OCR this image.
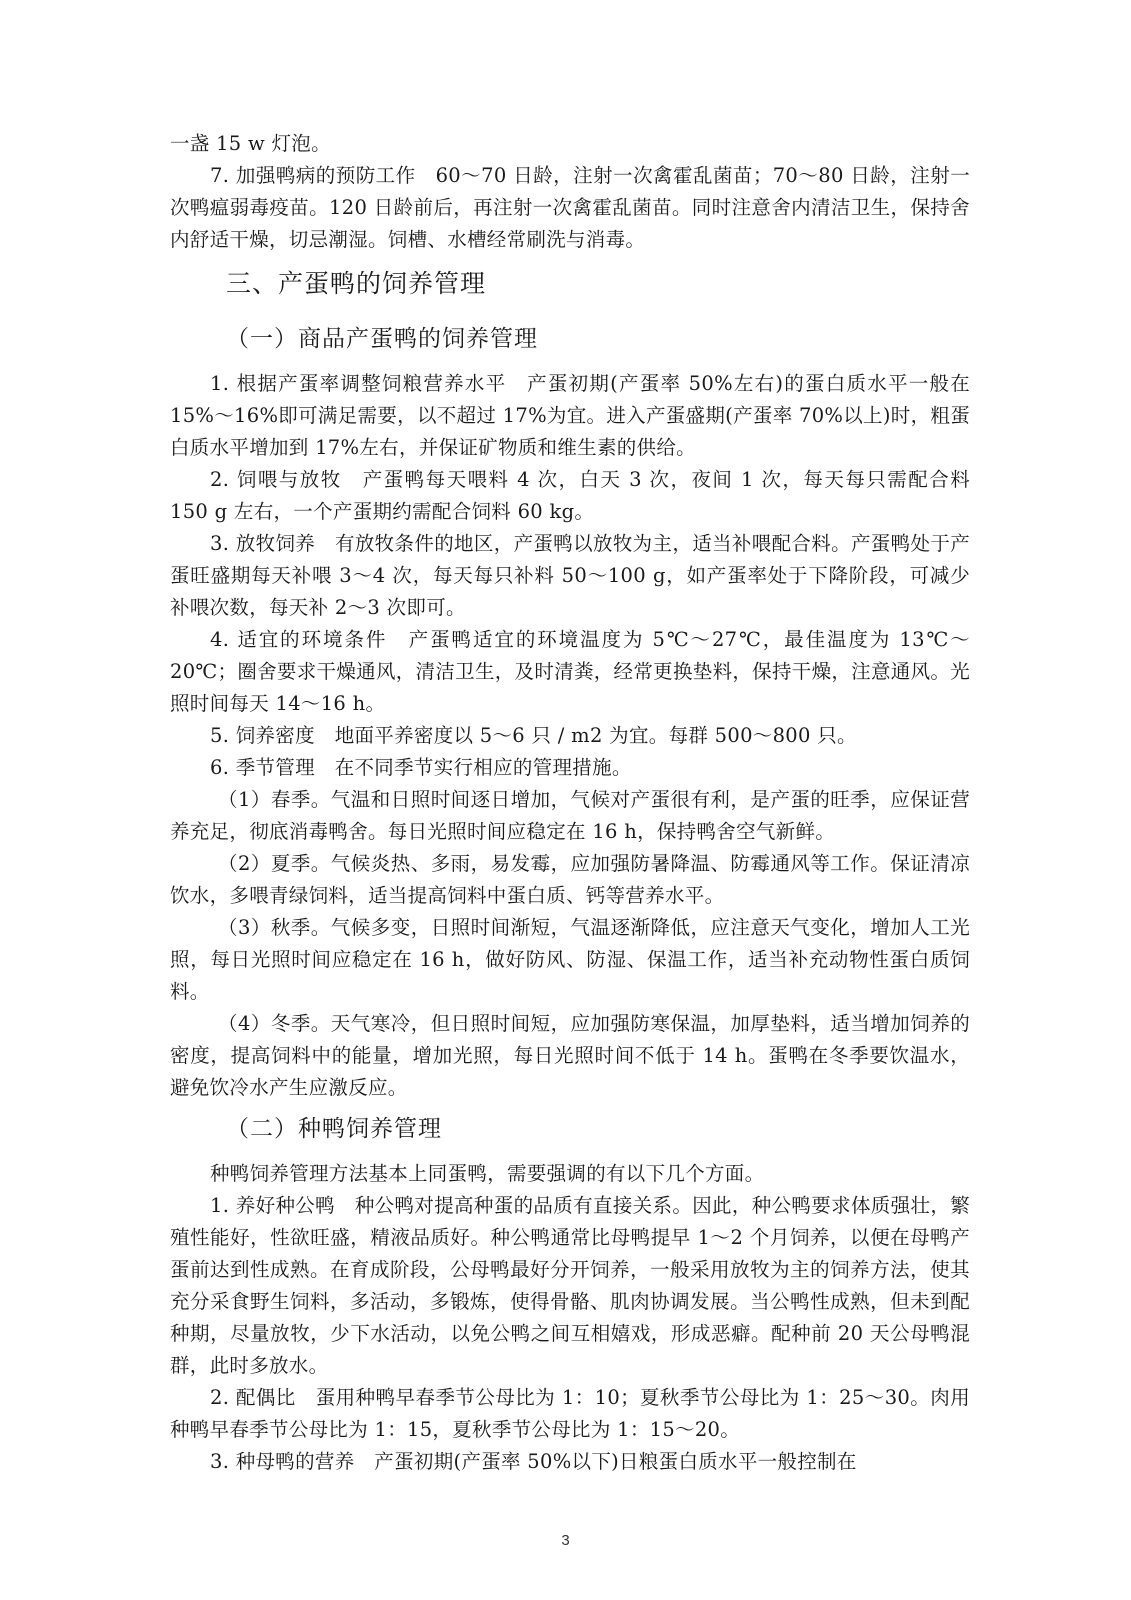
一盏 15 w 灯泡。

7. 加强鸭病的预防工作　60～70 日龄，注射一次禽霍乱菌苗；70～80 日龄，注射一次鸭瘟弱毒疫苗。120 日龄前后，再注射一次禽霍乱菌苗。同时注意舍内清洁卫生，保持舍内舒适干燥，切忌潮湿。饲槽、水槽经常刷洗与消毒。

三、产蛋鸭的饲养管理
（一）商品产蛋鸭的饲养管理

1. 根据产蛋率调整饲粮营养水平　产蛋初期(产蛋率 50%左右)的蛋白质水平一般在 15%～16%即可满足需要，以不超过 17%为宜。进入产蛋盛期(产蛋率 70%以上)时，粗蛋白质水平增加到 17%左右，并保证矿物质和维生素的供给。

2. 饲喂与放牧　产蛋鸭每天喂料 4 次，白天 3 次，夜间 1 次，每天每只需配合料 150 g 左右，一个产蛋期约需配合饲料 60 kg。

3. 放牧饲养　有放牧条件的地区，产蛋鸭以放牧为主，适当补喂配合料。产蛋鸭处于产蛋旺盛期每天补喂 3～4 次，每天每只补料 50～100 g，如产蛋率处于下降阶段，可减少补喂次数，每天补 2～3 次即可。

4. 适宜的环境条件　产蛋鸭适宜的环境温度为 5℃～27℃，最佳温度为 13℃～20℃；圈舍要求干燥通风，清洁卫生，及时清粪，经常更换垫料，保持干燥，注意通风。光照时间每天 14～16 h。

5. 饲养密度　地面平养密度以 5～6 只 / m2 为宜。每群 500～800 只。

6. 季节管理　在不同季节实行相应的管理措施。

（1）春季。气温和日照时间逐日增加，气候对产蛋很有利，是产蛋的旺季，应保证营养充足，彻底消毒鸭舍。每日光照时间应稳定在 16 h，保持鸭舍空气新鲜。

（2）夏季。气候炎热、多雨，易发霉，应加强防暑降温、防霉通风等工作。保证清凉饮水，多喂青绿饲料，适当提高饲料中蛋白质、钙等营养水平。

（3）秋季。气候多变，日照时间渐短，气温逐渐降低，应注意天气变化，增加人工光照，每日光照时间应稳定在 16 h，做好防风、防湿、保温工作，适当补充动物性蛋白质饲料。

（4）冬季。天气寒冷，但日照时间短，应加强防寒保温，加厚垫料，适当增加饲养的密度，提高饲料中的能量，增加光照，每日光照时间不低于 14 h。蛋鸭在冬季要饮温水，避免饮冷水产生应激反应。

（二）种鸭饲养管理

种鸭饲养管理方法基本上同蛋鸭，需要强调的有以下几个方面。

1. 养好种公鸭　种公鸭对提高种蛋的品质有直接关系。因此，种公鸭要求体质强壮，繁殖性能好，性欲旺盛，精液品质好。种公鸭通常比母鸭提早 1～2 个月饲养，以便在母鸭产蛋前达到性成熟。在育成阶段，公母鸭最好分开饲养，一般采用放牧为主的饲养方法，使其充分采食野生饲料，多活动，多锻炼，使得骨骼、肌肉协调发展。当公鸭性成熟，但未到配种期，尽量放牧，少下水活动，以免公鸭之间互相嬉戏，形成恶癖。配种前 20 天公母鸭混群，此时多放水。

2. 配偶比　蛋用种鸭早春季节公母比为 1：10；夏秋季节公母比为 1：25～30。肉用种鸭早春季节公母比为 1：15，夏秋季节公母比为 1：15～20。

3. 种母鸭的营养　产蛋初期(产蛋率 50%以下)日粮蛋白质水平一般控制在

3
